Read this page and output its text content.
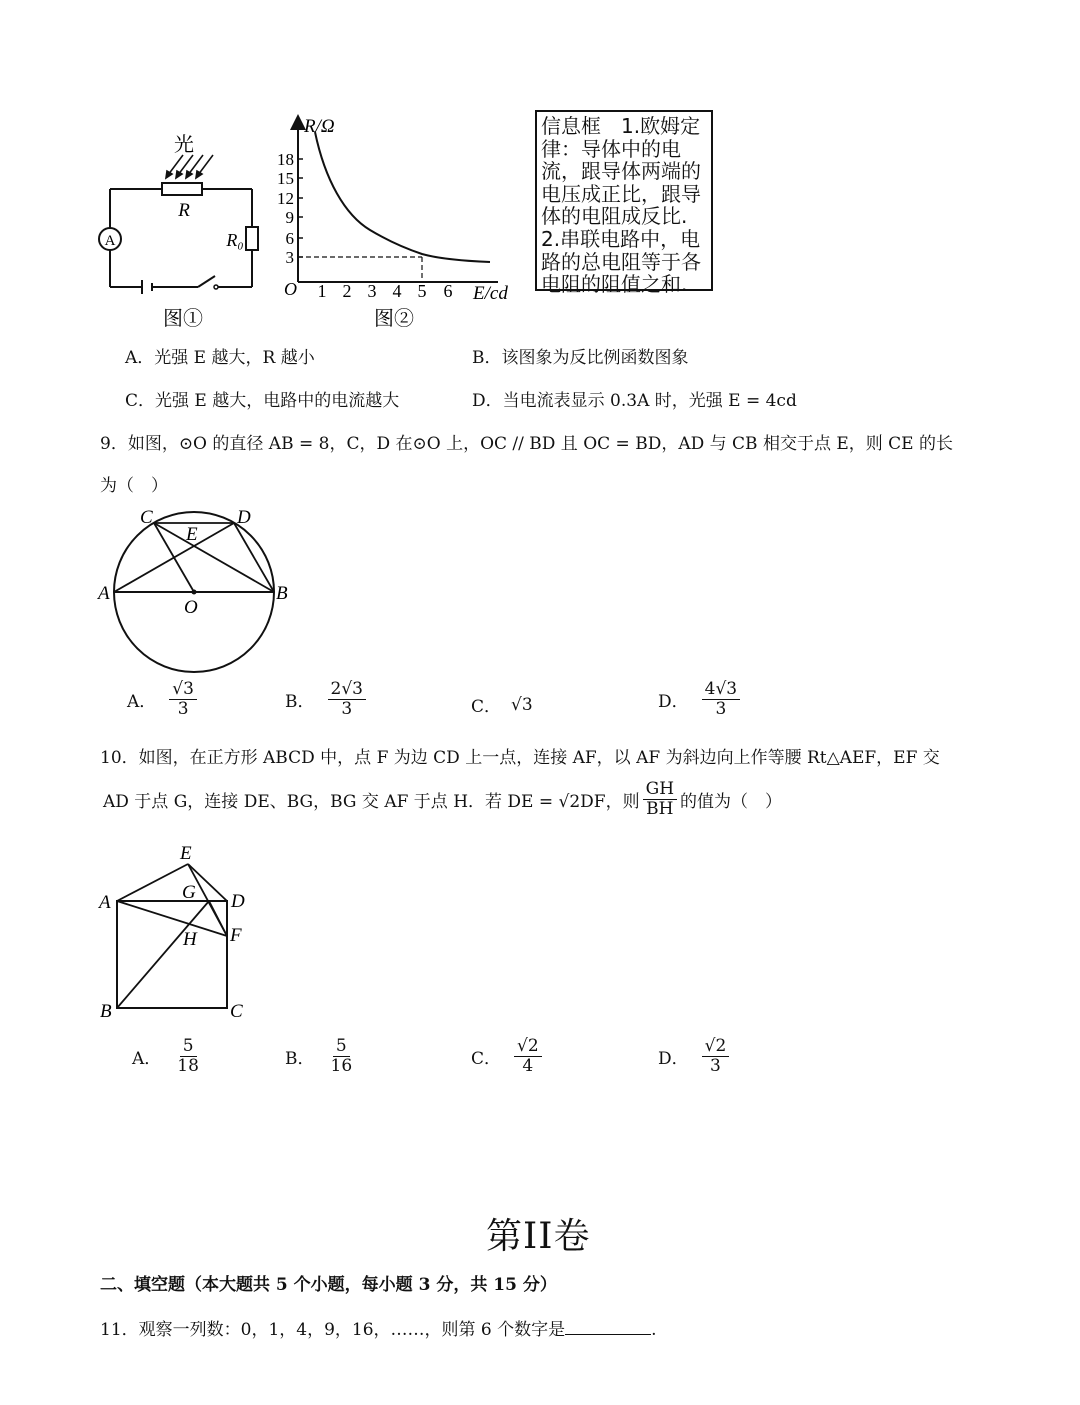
光
R
R₀
A
图①
R/Ω
18
15
12
9
6
3
O 1 2 3 4 5 6 E/cd
图②
信息框　1.欧姆定律：导体中的电流，跟导体两端的电压成正比，跟导体的电阻成反比.
2.串联电路中，电路的总电阻等于各电阻的阻值之和.
A．光强 E 越大，R 越小	B．该图象为反比例函数图象
C．光强 E 越大，电路中的电流越大	D．当电流表显示 0.3A 时，光强 E = 4cd
9．如图，⊙O 的直径 AB = 8，C，D 在⊙O 上，OC // BD 且 OC = BD，AD 与 CB 相交于点 E，则 CE 的长
为（　）
C
E
D
A
O
B
A． $\frac{√3}{3}$	B． $\frac{2√3}{3}$	C． √3	D． $\frac{4√3}{3}$
10．如图，在正方形 ABCD 中，点 F 为边 CD 上一点，连接 AF，以 AF 为斜边向上作等腰 Rt△AEF，EF 交
AD 于点 G，连接 DE、BG，BG 交 AF 于点 H．若 DE = √2DF，则 $\frac{GH}{BH}$ 的值为（　）
E
G
A	D
H F
B	C
A． $\frac{5}{18}$	B． $\frac{5}{16}$	C． $\frac{√2}{4}$	D． $\frac{√2}{3}$
第II卷
二、填空题（本大题共 5 个小题，每小题 3 分，共 15 分）
11．观察一列数：0，1，4，9，16，……，则第 6 个数字是	.
